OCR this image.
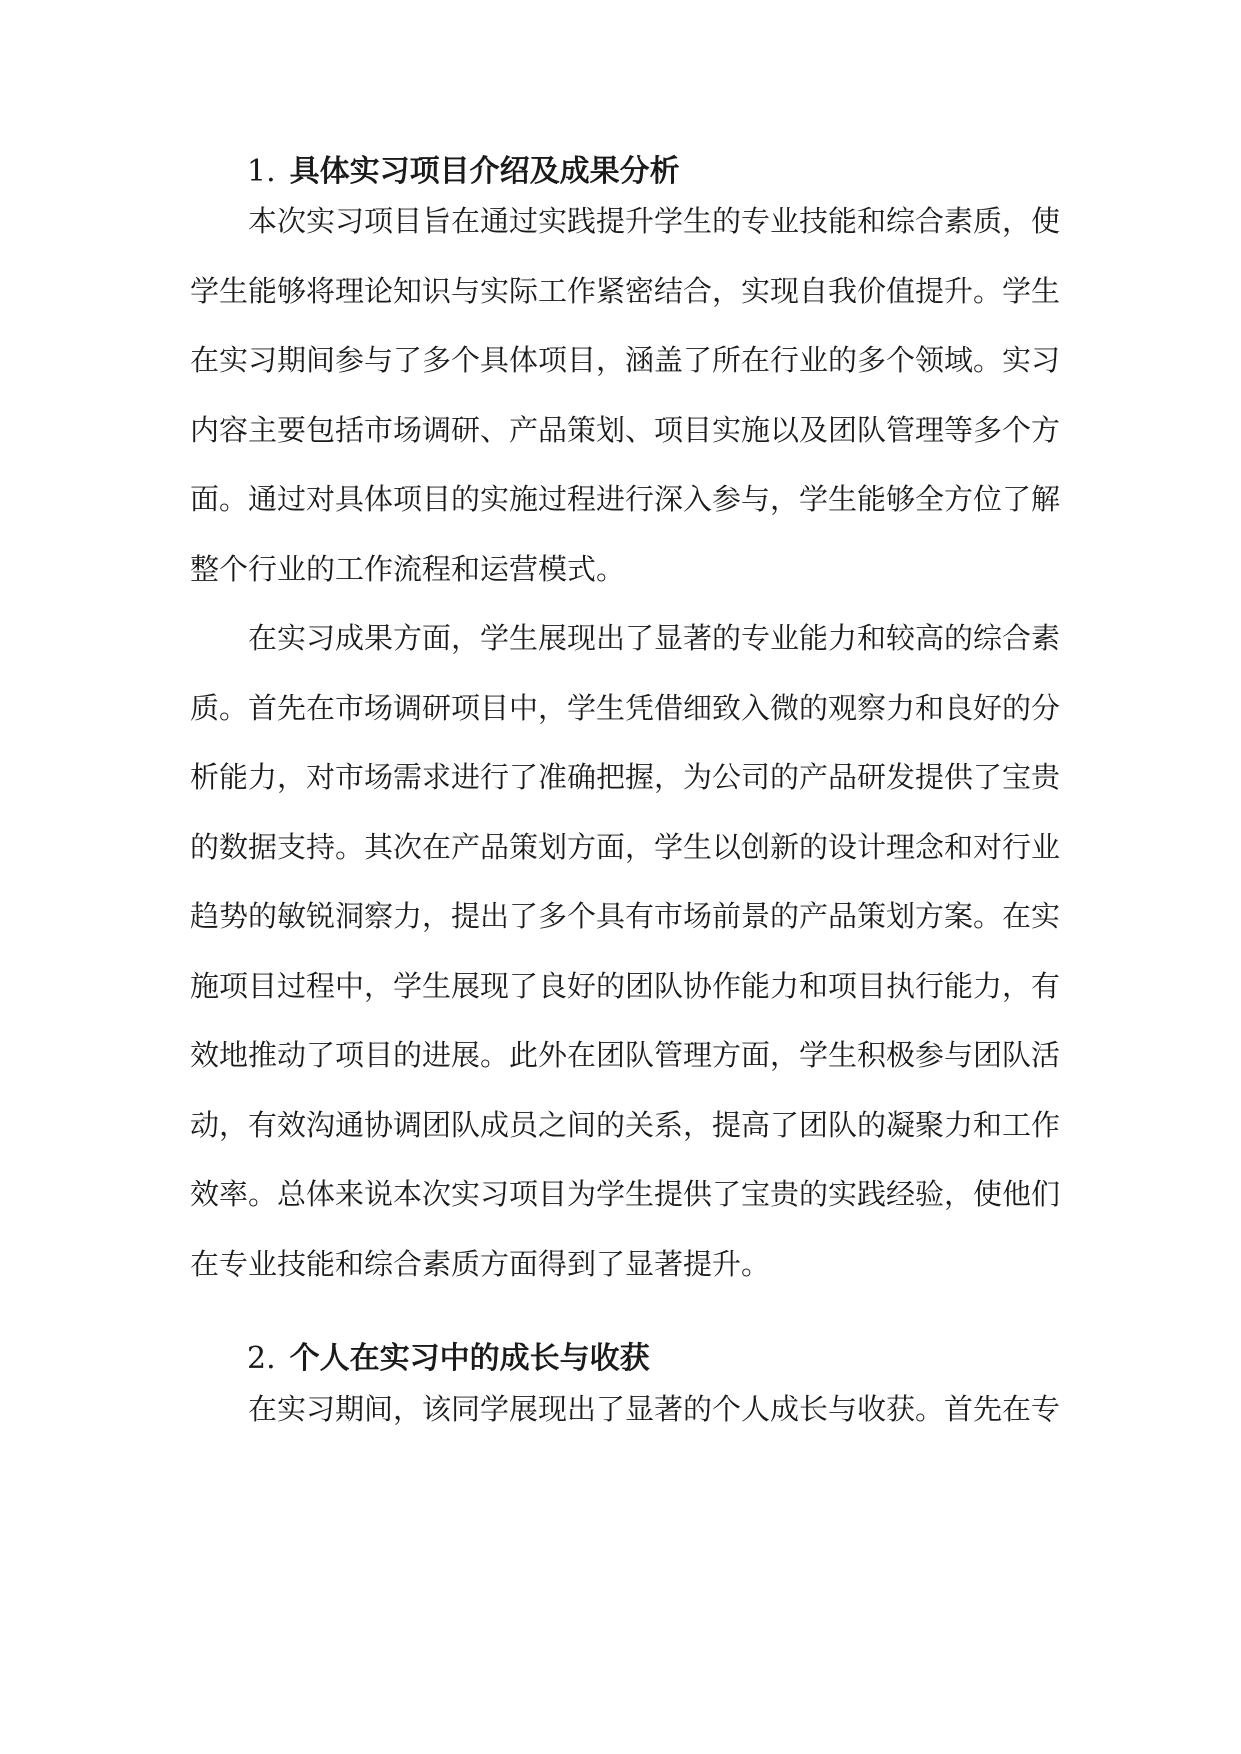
1. 具体实习项目介绍及成果分析

本次实习项目旨在通过实践提升学生的专业技能和综合素质，使

学生能够将理论知识与实际工作紧密结合，实现自我价值提升。学生

在实习期间参与了多个具体项目，涵盖了所在行业的多个领域。实习

内容主要包括市场调研、产品策划、项目实施以及团队管理等多个方

面。通过对具体项目的实施过程进行深入参与，学生能够全方位了解

整个行业的工作流程和运营模式。

在实习成果方面，学生展现出了显著的专业能力和较高的综合素

质。首先在市场调研项目中，学生凭借细致入微的观察力和良好的分

析能力，对市场需求进行了准确把握，为公司的产品研发提供了宝贵

的数据支持。其次在产品策划方面，学生以创新的设计理念和对行业

趋势的敏锐洞察力，提出了多个具有市场前景的产品策划方案。在实

施项目过程中，学生展现了良好的团队协作能力和项目执行能力，有

效地推动了项目的进展。此外在团队管理方面，学生积极参与团队活

动，有效沟通协调团队成员之间的关系，提高了团队的凝聚力和工作

效率。总体来说本次实习项目为学生提供了宝贵的实践经验，使他们

在专业技能和综合素质方面得到了显著提升。

2. 个人在实习中的成长与收获

在实习期间，该同学展现出了显著的个人成长与收获。首先在专
